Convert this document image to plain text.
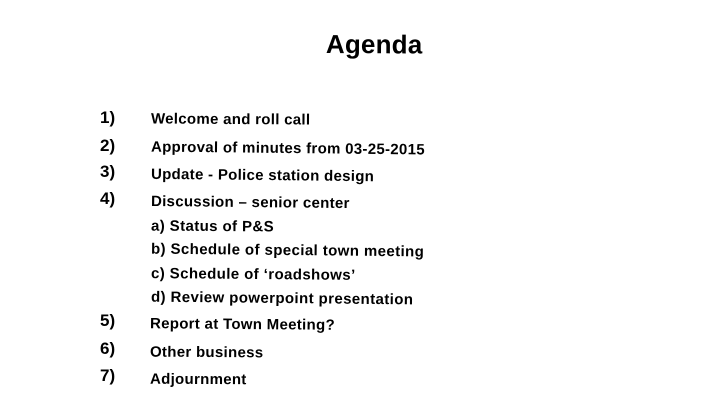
Agenda
1) Welcome and roll call
2) Approval of minutes from 03-25-2015
3) Update - Police station design
4) Discussion – senior center
a) Status of P&S
b) Schedule of special town meeting
c) Schedule of ‘roadshows’
d) Review powerpoint presentation
5) Report at Town Meeting?
6) Other business
7) Adjournment
